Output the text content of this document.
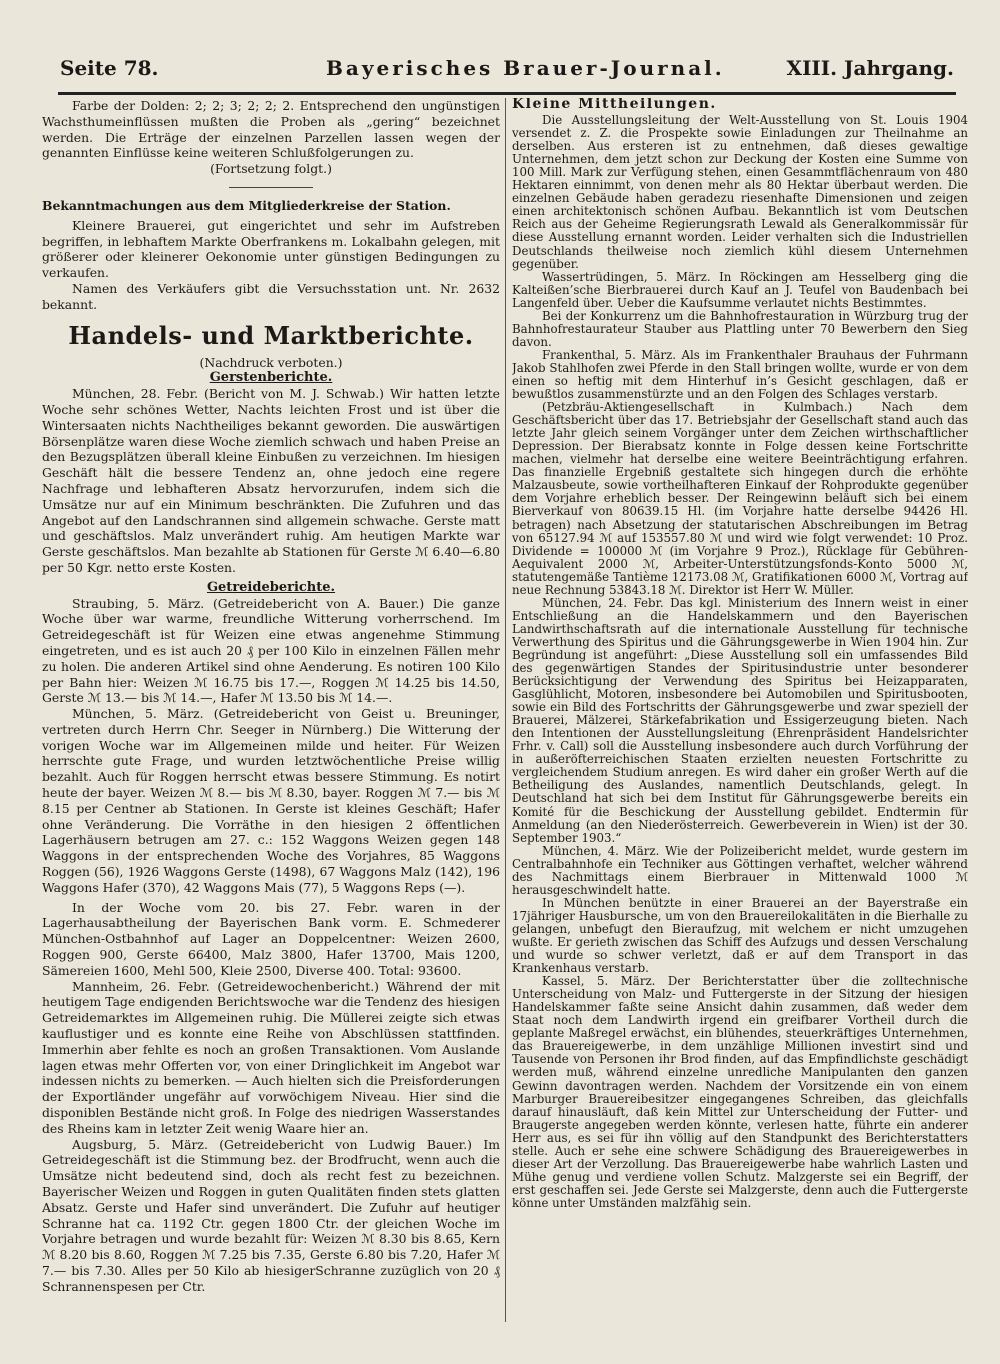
Seite 78.	Bayerisches Brauer-Journal.	XIII. Jahrgang.

Farbe der Dolden: 2; 2; 3; 2; 2; 2. Entsprechend den ungünstigen Wachsthumeinflüssen mußten die Proben als „gering“ bezeichnet werden. Die Erträge der einzelnen Parzellen lassen wegen der genannten Einflüsse keine weiteren Schlußfolgerungen zu.

(Fortsetzung folgt.)

Bekanntmachungen aus dem Mitgliederkreise der Station.

Kleinere Brauerei, gut eingerichtet und sehr im Aufstreben begriffen, in lebhaftem Markte Oberfrankens m. Lokalbahn gelegen, mit größerer oder kleinerer Oekonomie unter günstigen Bedingungen zu verkaufen.

Namen des Verkäufers gibt die Versuchsstation unt. Nr. 2632 bekannt.

Handels- und Marktberichte.

(Nachdruck verboten.)

Gerstenberichte.

München, 28. Febr. (Bericht von M. J. Schwab.) Wir hatten letzte Woche sehr schönes Wetter, Nachts leichten Frost und ist über die Wintersaaten nichts Nachtheiliges bekannt geworden. Die auswärtigen Börsenplätze waren diese Woche ziemlich schwach und haben Preise an den Bezugsplätzen überall kleine Einbußen zu verzeichnen. Im hiesigen Geschäft hält die bessere Tendenz an, ohne jedoch eine regere Nachfrage und lebhafteren Absatz hervorzurufen, indem sich die Umsätze nur auf ein Minimum beschränkten. Die Zufuhren und das Angebot auf den Landschrannen sind allgemein schwache. Gerste matt und geschäftslos. Malz unverändert ruhig. Am heutigen Markte war Gerste geschäftslos. Man bezahlte ab Stationen für Gerste ℳ 6.40—6.80 per 50 Kgr. netto erste Kosten.

Getreideberichte.

Straubing, 5. März. (Getreidebericht von A. Bauer.) Die ganze Woche über war warme, freundliche Witterung vorherrschend. Im Getreidegeschäft ist für Weizen eine etwas angenehme Stimmung eingetreten, und es ist auch 20 ₰ per 100 Kilo in einzelnen Fällen mehr zu holen. Die anderen Artikel sind ohne Aenderung. Es notiren 100 Kilo per Bahn hier: Weizen ℳ 16.75 bis 17.—, Roggen ℳ 14.25 bis 14.50, Gerste ℳ 13.— bis ℳ 14.—, Hafer ℳ 13.50 bis ℳ 14.—.

München, 5. März. (Getreidebericht von Geist u. Breuninger, vertreten durch Herrn Chr. Seeger in Nürnberg.) Die Witterung der vorigen Woche war im Allgemeinen milde und heiter. Für Weizen herrschte gute Frage, und wurden letztwöchentliche Preise willig bezahlt. Auch für Roggen herrscht etwas bessere Stimmung. Es notirt heute der bayer. Weizen ℳ 8.— bis ℳ 8.30, bayer. Roggen ℳ 7.— bis ℳ 8.15 per Centner ab Stationen. In Gerste ist kleines Geschäft; Hafer ohne Veränderung. Die Vorräthe in den hiesigen 2 öffentlichen Lagerhäusern betrugen am 27. c.: 152 Waggons Weizen gegen 148 Waggons in der entsprechenden Woche des Vorjahres, 85 Waggons Roggen (56), 1926 Waggons Gerste (1498), 67 Waggons Malz (142), 196 Waggons Hafer (370), 42 Waggons Mais (77), 5 Waggons Reps (—).

In der Woche vom 20. bis 27. Febr. waren in der Lagerhausabtheilung der Bayerischen Bank vorm. E. Schmederer München-Ostbahnhof auf Lager an Doppelcentner: Weizen 2600, Roggen 900, Gerste 66400, Malz 3800, Hafer 13700, Mais 1200, Sämereien 1600, Mehl 500, Kleie 2500, Diverse 400. Total: 93600.

Mannheim, 26. Febr. (Getreidewochenbericht.) Während der mit heutigem Tage endigenden Berichtswoche war die Tendenz des hiesigen Getreidemarktes im Allgemeinen ruhig. Die Müllerei zeigte sich etwas kauflustiger und es konnte eine Reihe von Abschlüssen stattfinden. Immerhin aber fehlte es noch an großen Transaktionen. Vom Auslande lagen etwas mehr Offerten vor, von einer Dringlichkeit im Angebot war indessen nichts zu bemerken. — Auch hielten sich die Preisforderungen der Exportländer ungefähr auf vorwöchigem Niveau. Hier sind die disponiblen Bestände nicht groß. In Folge des niedrigen Wasserstandes des Rheins kam in letzter Zeit wenig Waare hier an.

Augsburg, 5. März. (Getreidebericht von Ludwig Bauer.) Im Getreidegeschäft ist die Stimmung bez. der Brodfrucht, wenn auch die Umsätze nicht bedeutend sind, doch als recht fest zu bezeichnen. Bayerischer Weizen und Roggen in guten Qualitäten finden stets glatten Absatz. Gerste und Hafer sind unverändert. Die Zufuhr auf heutiger Schranne hat ca. 1192 Ctr. gegen 1800 Ctr. der gleichen Woche im Vorjahre betragen und wurde bezahlt für: Weizen ℳ 8.30 bis 8.65, Kern ℳ 8.20 bis 8.60, Roggen ℳ 7.25 bis 7.35, Gerste 6.80 bis 7.20, Hafer ℳ 7.— bis 7.30. Alles per 50 Kilo ab hiesigerSchranne zuzüglich von 20 ₰ Schrannenspesen per Ctr.

Kleine Mittheilungen.

Die Ausstellungsleitung der Welt-Ausstellung von St. Louis 1904 versendet z. Z. die Prospekte sowie Einladungen zur Theilnahme an derselben. Aus ersteren ist zu entnehmen, daß dieses gewaltige Unternehmen, dem jetzt schon zur Deckung der Kosten eine Summe von 100 Mill. Mark zur Verfügung stehen, einen Gesammtflächenraum von 480 Hektaren einnimmt, von denen mehr als 80 Hektar überbaut werden. Die einzelnen Gebäude haben geradezu riesenhafte Dimensionen und zeigen einen architektonisch schönen Aufbau. Bekanntlich ist vom Deutschen Reich aus der Geheime Regierungsrath Lewald als Generalkommissär für diese Ausstellung ernannt worden. Leider verhalten sich die Industriellen Deutschlands theilweise noch ziemlich kühl diesem Unternehmen gegenüber.

Wassertrüdingen, 5. März. In Röckingen am Hesselberg ging die Kalteißen’sche Bierbrauerei durch Kauf an J. Teufel von Baudenbach bei Langenfeld über. Ueber die Kaufsumme verlautet nichts Bestimmtes.

Bei der Konkurrenz um die Bahnhofrestauration in Würzburg trug der Bahnhofrestaurateur Stauber aus Plattling unter 70 Bewerbern den Sieg davon.

Frankenthal, 5. März. Als im Frankenthaler Brauhaus der Fuhrmann Jakob Stahlhofen zwei Pferde in den Stall bringen wollte, wurde er von dem einen so heftig mit dem Hinterhuf in’s Gesicht geschlagen, daß er bewußtlos zusammenstürzte und an den Folgen des Schlages verstarb.

(Petzbräu-Aktiengesellschaft in Kulmbach.) Nach dem Geschäftsbericht über das 17. Betriebsjahr der Gesellschaft stand auch das letzte Jahr gleich seinem Vorgänger unter dem Zeichen wirthschaftlicher Depression. Der Bierabsatz konnte in Folge dessen keine Fortschritte machen, vielmehr hat derselbe eine weitere Beeinträchtigung erfahren. Das finanzielle Ergebniß gestaltete sich hingegen durch die erhöhte Malzausbeute, sowie vortheilhafteren Einkauf der Rohprodukte gegenüber dem Vorjahre erheblich besser. Der Reingewinn beläuft sich bei einem Bierverkauf von 80639.15 Hl. (im Vorjahre hatte derselbe 94426 Hl. betragen) nach Absetzung der statutarischen Abschreibungen im Betrag von 65127.94 ℳ auf 153557.80 ℳ und wird wie folgt verwendet: 10 Proz. Dividende = 100000 ℳ (im Vorjahre 9 Proz.), Rücklage für Gebühren-Aequivalent 2000 ℳ, Arbeiter-Unterstützungsfonds-Konto 5000 ℳ, statutengemäße Tantième 12173.08 ℳ, Gratifikationen 6000 ℳ, Vortrag auf neue Rechnung 53843.18 ℳ. Direktor ist Herr W. Müller.

München, 24. Febr. Das kgl. Ministerium des Innern weist in einer Entschließung an die Handelskammern und den Bayerischen Landwirthschaftsrath auf die internationale Ausstellung für technische Verwerthung des Spiritus und die Gährungsgewerbe in Wien 1904 hin. Zur Begründung ist angeführt: „Diese Ausstellung soll ein umfassendes Bild des gegenwärtigen Standes der Spiritusindustrie unter besonderer Berücksichtigung der Verwendung des Spiritus bei Heizapparaten, Gasglühlicht, Motoren, insbesondere bei Automobilen und Spiritusbooten, sowie ein Bild des Fortschritts der Gährungsgewerbe und zwar speziell der Brauerei, Mälzerei, Stärkefabrikation und Essigerzeugung bieten. Nach den Intentionen der Ausstellungsleitung (Ehrenpräsident Handelsrichter Frhr. v. Call) soll die Ausstellung insbesondere auch durch Vorführung der in außeröfterreichischen Staaten erzielten neuesten Fortschritte zu vergleichendem Studium anregen. Es wird daher ein großer Werth auf die Betheiligung des Auslandes, namentlich Deutschlands, gelegt. In Deutschland hat sich bei dem Institut für Gährungsgewerbe bereits ein Komité für die Beschickung der Ausstellung gebildet. Endtermin für Anmeldung (an den Niederösterreich. Gewerbeverein in Wien) ist der 30. September 1903.“

München, 4. März. Wie der Polizeibericht meldet, wurde gestern im Centralbahnhofe ein Techniker aus Göttingen verhaftet, welcher während des Nachmittags einem Bierbrauer in Mittenwald 1000 ℳ herausgeschwindelt hatte.

In München benützte in einer Brauerei an der Bayerstraße ein 17jähriger Hausbursche, um von den Brauereilokalitäten in die Bierhalle zu gelangen, unbefugt den Bieraufzug, mit welchem er nicht umzugehen wußte. Er gerieth zwischen das Schiff des Aufzugs und dessen Verschalung und wurde so schwer verletzt, daß er auf dem Transport in das Krankenhaus verstarb.

Kassel, 5. März. Der Berichterstatter über die zolltechnische Unterscheidung von Malz- und Futtergerste in der Sitzung der hiesigen Handelskammer faßte seine Ansicht dahin zusammen, daß weder dem Staat noch dem Landwirth irgend ein greifbarer Vortheil durch die geplante Maßregel erwächst, ein blühendes, steuerkräftiges Unternehmen, das Brauereigewerbe, in dem unzählige Millionen investirt sind und Tausende von Personen ihr Brod finden, auf das Empfindlichste geschädigt werden muß, während einzelne unredliche Manipulanten den ganzen Gewinn davontragen werden. Nachdem der Vorsitzende ein von einem Marburger Brauereibesitzer eingegangenes Schreiben, das gleichfalls darauf hinausläuft, daß kein Mittel zur Unterscheidung der Futter- und Braugerste angegeben werden könnte, verlesen hatte, führte ein anderer Herr aus, es sei für ihn völlig auf den Standpunkt des Berichterstatters stelle. Auch er sehe eine schwere Schädigung des Brauereigewerbes in dieser Art der Verzollung. Das Brauereigewerbe habe wahrlich Lasten und Mühe genug und verdiene vollen Schutz. Malzgerste sei ein Begriff, der erst geschaffen sei. Jede Gerste sei Malzgerste, denn auch die Futtergerste könne unter Umständen malzfähig sein.
